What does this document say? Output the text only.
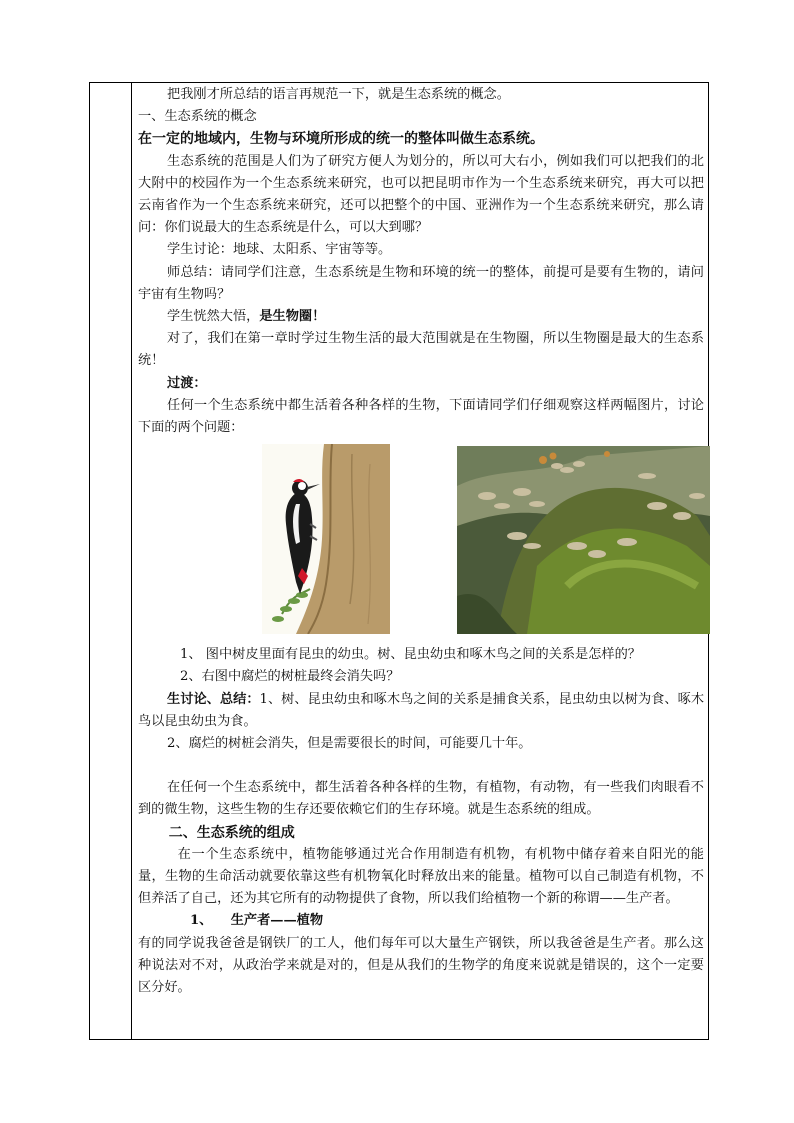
把我刚才所总结的语言再规范一下，就是生态系统的概念。

一、生态系统的概念

在一定的地域内，生物与环境所形成的统一的整体叫做生态系统。

生态系统的范围是人们为了研究方便人为划分的，所以可大右小，例如我们可以把我们的北大附中的校园作为一个生态系统来研究，也可以把昆明市作为一个生态系统来研究，再大可以把云南省作为一个生态系统来研究，还可以把整个的中国、亚洲作为一个生态系统来研究，那么请问：你们说最大的生态系统是什么，可以大到哪？

学生讨论：地球、太阳系、宇宙等等。

师总结：请同学们注意，生态系统是生物和环境的统一的整体，前提可是要有生物的，请问宇宙有生物吗？

学生恍然大悟，是生物圈！

对了，我们在第一章时学过生物生活的最大范围就是在生物圈，所以生物圈是最大的生态系统！

过渡：

任何一个生态系统中都生活着各种各样的生物，下面请同学们仔细观察这样两幅图片，讨论下面的两个问题：

1、 图中树皮里面有昆虫的幼虫。树、昆虫幼虫和啄木鸟之间的关系是怎样的？

2、右图中腐烂的树桩最终会消失吗？

生讨论、总结：1、树、昆虫幼虫和啄木鸟之间的关系是捕食关系，昆虫幼虫以树为食、啄木鸟以昆虫幼虫为食。

2、腐烂的树桩会消失，但是需要很长的时间，可能要几十年。

在任何一个生态系统中，都生活着各种各样的生物，有植物，有动物，有一些我们肉眼看不到的微生物，这些生物的生存还要依赖它们的生存环境。就是生态系统的组成。

二、生态系统的组成

在一个生态系统中，植物能够通过光合作用制造有机物，有机物中储存着来自阳光的能量，生物的生命活动就要依靠这些有机物氧化时释放出来的能量。植物可以自己制造有机物，不但养活了自己，还为其它所有的动物提供了食物，所以我们给植物一个新的称谓——生产者。

1、 生产者——植物

有的同学说我爸爸是钢铁厂的工人，他们每年可以大量生产钢铁，所以我爸爸是生产者。那么这种说法对不对，从政治学来就是对的，但是从我们的生物学的角度来说就是错误的，这个一定要区分好。
